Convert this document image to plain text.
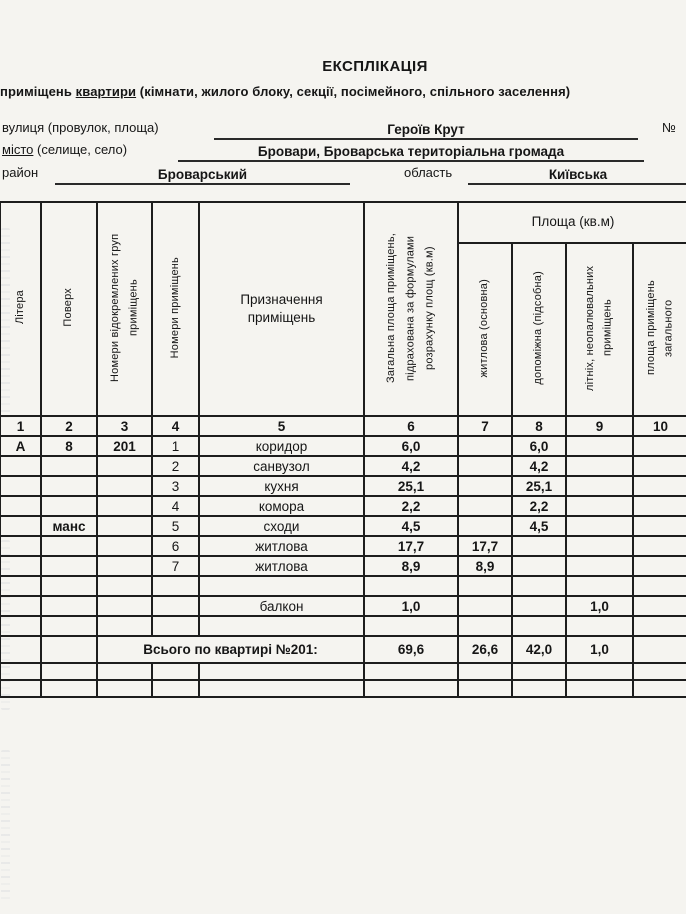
ЕКСПЛІКАЦІЯ
приміщень квартири (кімнати, жилого блоку, секції, посімейного, спільного заселення)
вулиця (провулок, площа)	Героїв Крут	№
місто (селище, село)	Бровари, Броварська територіальна громада
район	Броварський	область	Київська
Літера	Поверх	Номери відокремлених груп приміщень	Номери приміщень	Призначення приміщень	Загальна площа приміщень, підрахована за формулами розрахунку площ (кв.м)	Площа (кв.м)			
						житлова (основна)	допоміжна (підсобна)	літніх, неопалювальних приміщень	площа приміщень загального
1	2	3	4	5	6	7	8	9	10
А	8	201	1	коридор	6,0		6,0		
			2	санвузол	4,2		4,2		
			3	кухня	25,1		25,1		
			4	комора	2,2		2,2		
	манс		5	сходи	4,5		4,5		
			6	житлова	17,7	17,7			
			7	житлова	8,9	8,9			

				балкон	1,0			1,0	

		Всього по квартирі №201:			69,6	26,6	42,0	1,0	
